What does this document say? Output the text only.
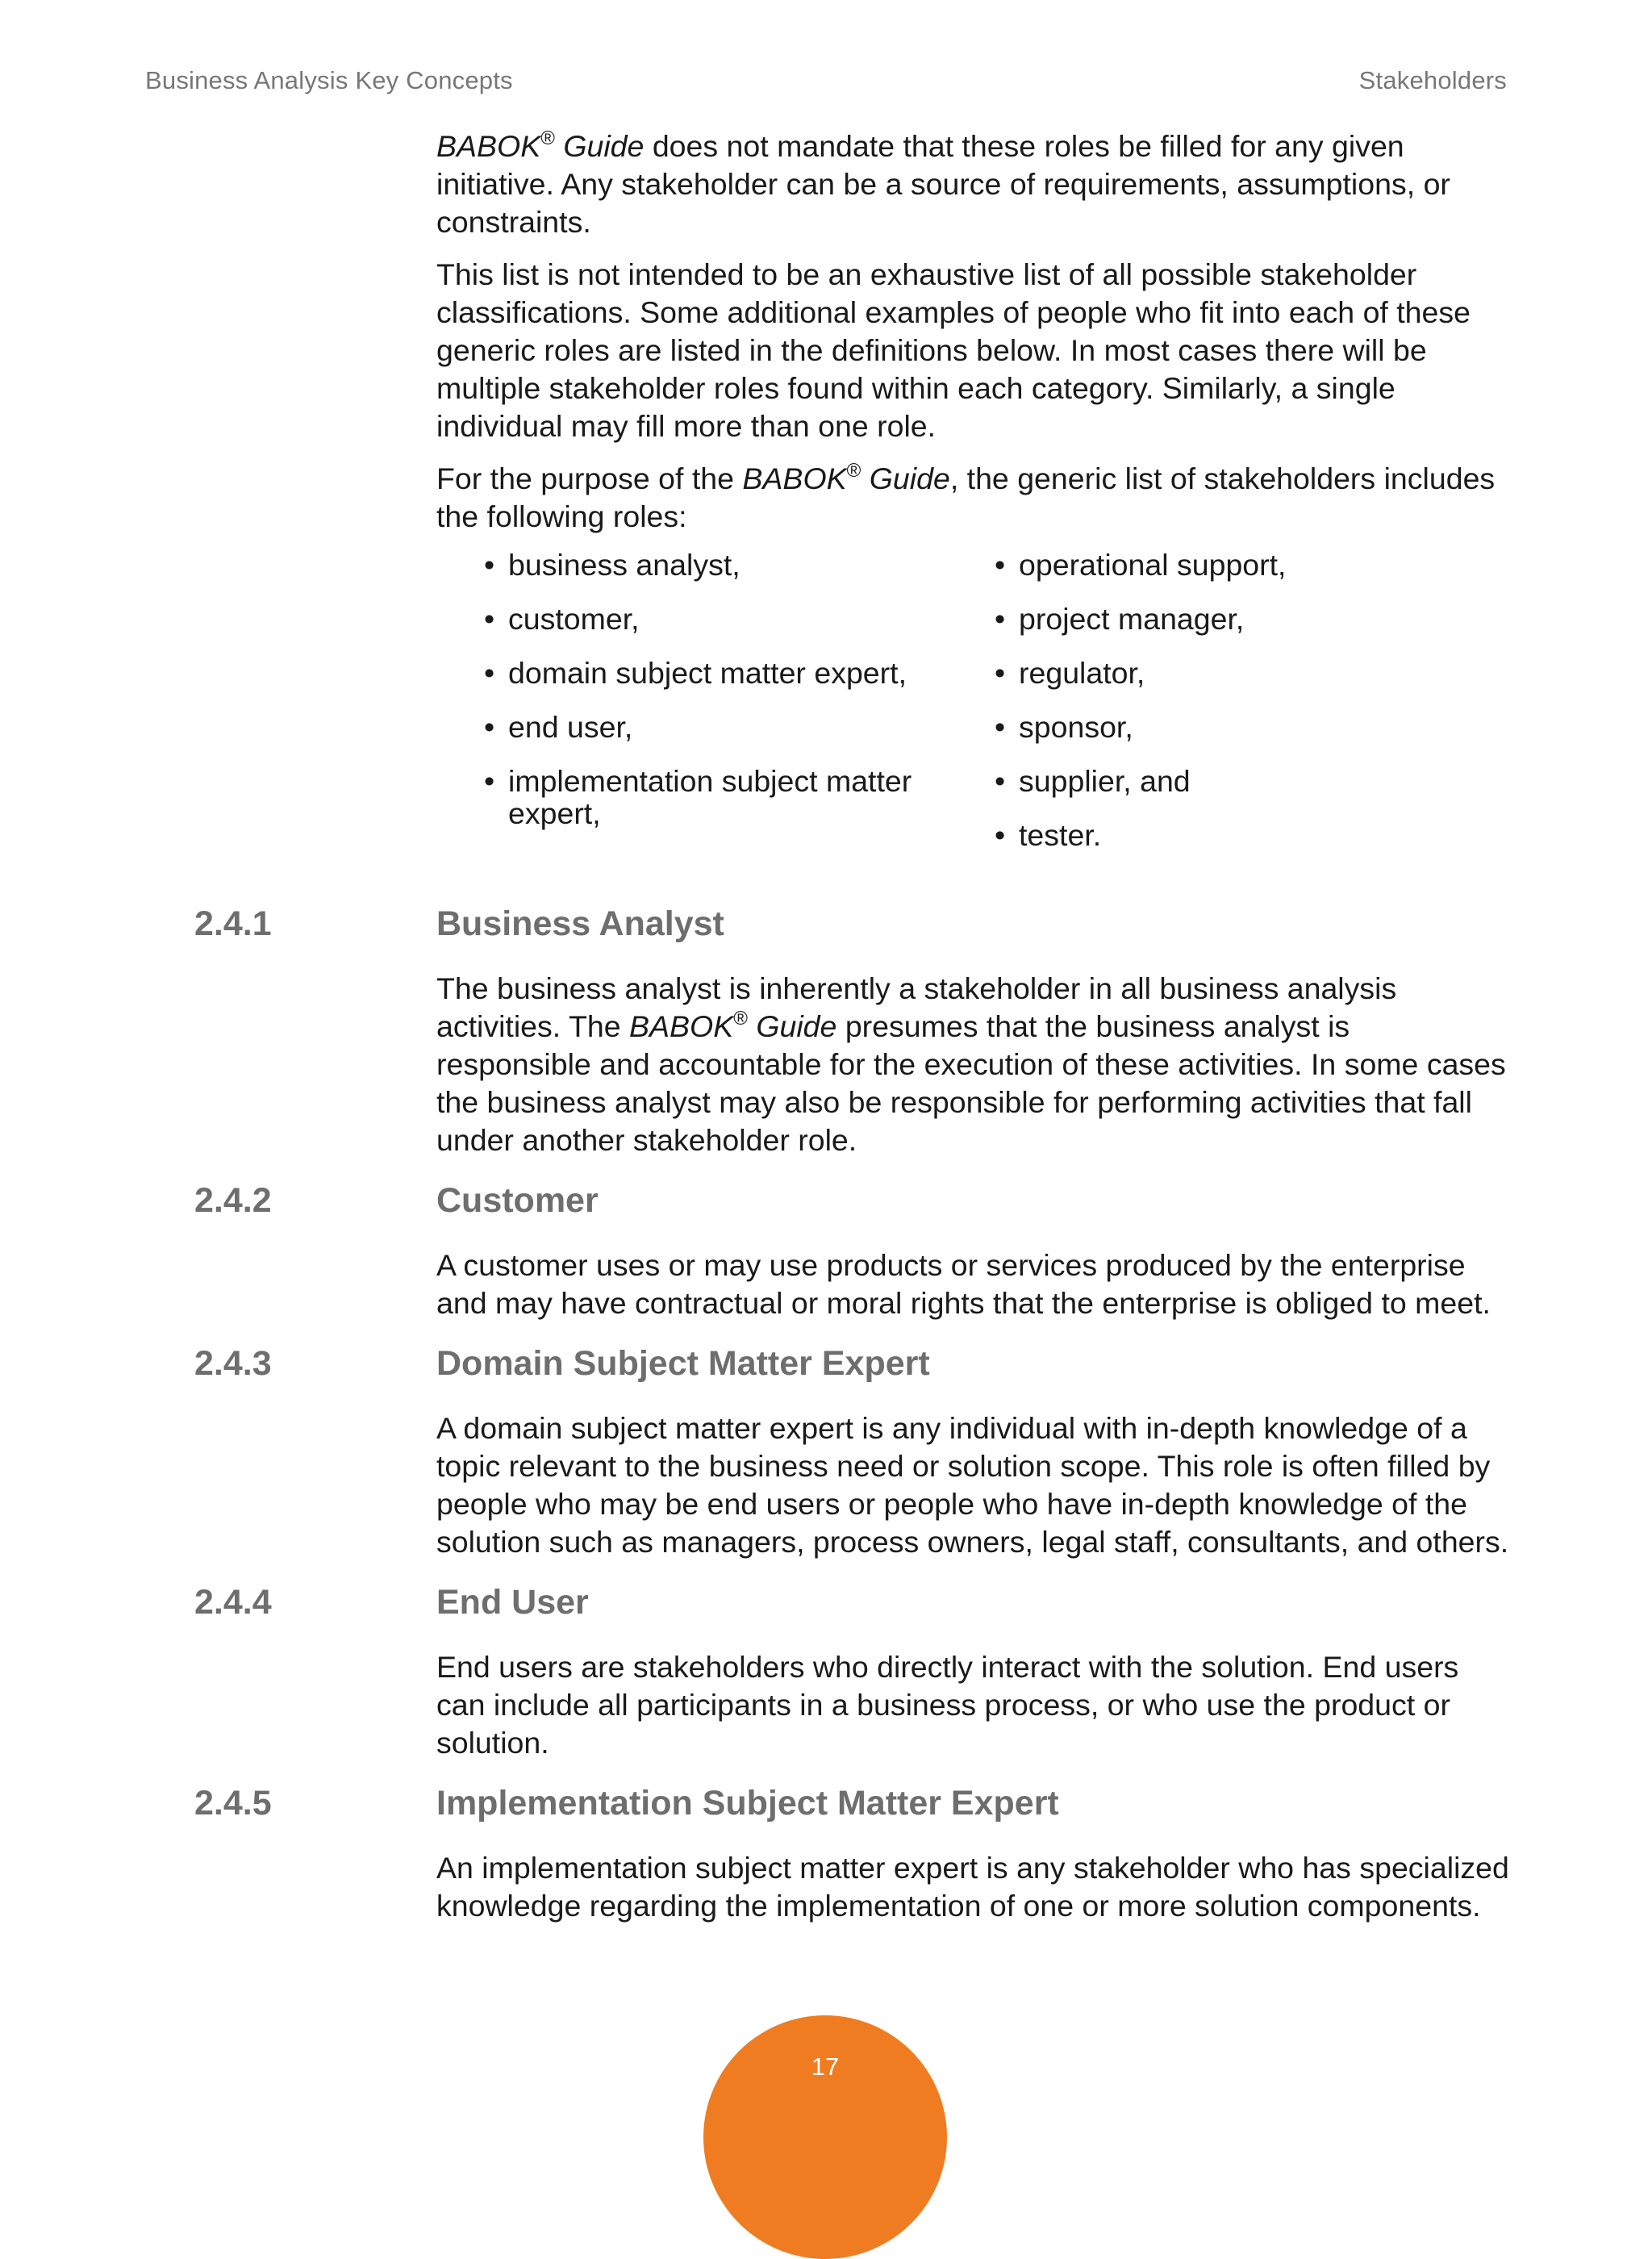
Business Analysis Key Concepts	Stakeholders

BABOK® Guide does not mandate that these roles be filled for any given initiative. Any stakeholder can be a source of requirements, assumptions, or constraints.

This list is not intended to be an exhaustive list of all possible stakeholder classifications. Some additional examples of people who fit into each of these generic roles are listed in the definitions below. In most cases there will be multiple stakeholder roles found within each category. Similarly, a single individual may fill more than one role.

For the purpose of the BABOK® Guide, the generic list of stakeholders includes the following roles:

• business analyst,
• customer,
• domain subject matter expert,
• end user,
• implementation subject matter expert,
• operational support,
• project manager,
• regulator,
• sponsor,
• supplier, and
• tester.
2.4.1	Business Analyst

The business analyst is inherently a stakeholder in all business analysis activities. The BABOK® Guide presumes that the business analyst is responsible and accountable for the execution of these activities. In some cases the business analyst may also be responsible for performing activities that fall under another stakeholder role.

2.4.2	Customer

A customer uses or may use products or services produced by the enterprise and may have contractual or moral rights that the enterprise is obliged to meet.

2.4.3	Domain Subject Matter Expert

A domain subject matter expert is any individual with in-depth knowledge of a topic relevant to the business need or solution scope. This role is often filled by people who may be end users or people who have in-depth knowledge of the solution such as managers, process owners, legal staff, consultants, and others.

2.4.4	End User

End users are stakeholders who directly interact with the solution. End users can include all participants in a business process, or who use the product or solution.

2.4.5	Implementation Subject Matter Expert

An implementation subject matter expert is any stakeholder who has specialized knowledge regarding the implementation of one or more solution components.

17
